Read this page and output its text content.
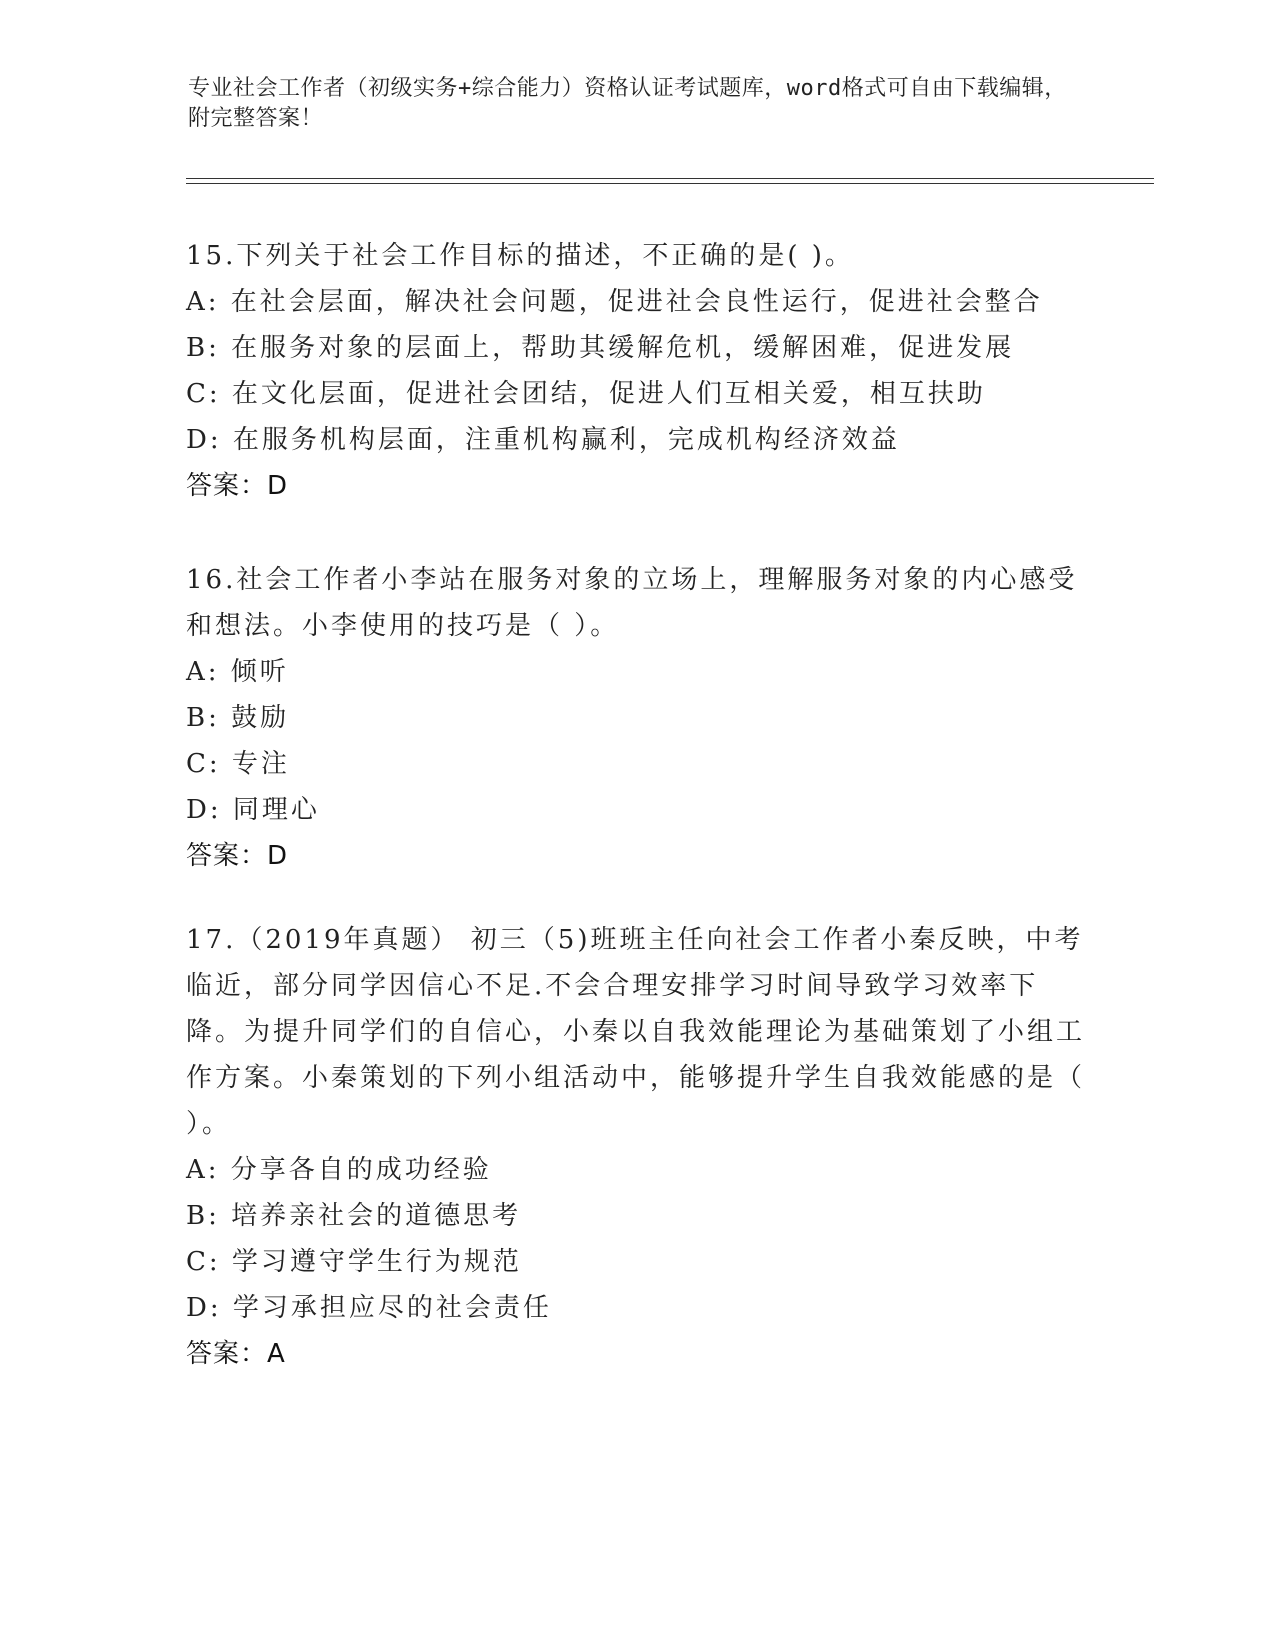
专业社会工作者（初级实务+综合能力）资格认证考试题库，word格式可自由下载编辑，附完整答案！
15.下列关于社会工作目标的描述，不正确的是( )。
A: 在社会层面，解决社会问题，促进社会良性运行，促进社会整合
B: 在服务对象的层面上，帮助其缓解危机，缓解困难，促进发展
C: 在文化层面，促进社会团结，促进人们互相关爱，相互扶助
D: 在服务机构层面，注重机构赢利，完成机构经济效益
答案：D
16.社会工作者小李站在服务对象的立场上，理解服务对象的内心感受和想法。小李使用的技巧是（ ）。
A: 倾听
B: 鼓励
C: 专注
D: 同理心
答案：D
17.（2019年真题） 初三（5)班班主任向社会工作者小秦反映，中考临近，部分同学因信心不足.不会合理安排学习时间导致学习效率下降。为提升同学们的自信心，小秦以自我效能理论为基础策划了小组工作方案。小秦策划的下列小组活动中，能够提升学生自我效能感的是（ ）。
A: 分享各自的成功经验
B: 培养亲社会的道德思考
C: 学习遵守学生行为规范
D: 学习承担应尽的社会责任
答案：A
